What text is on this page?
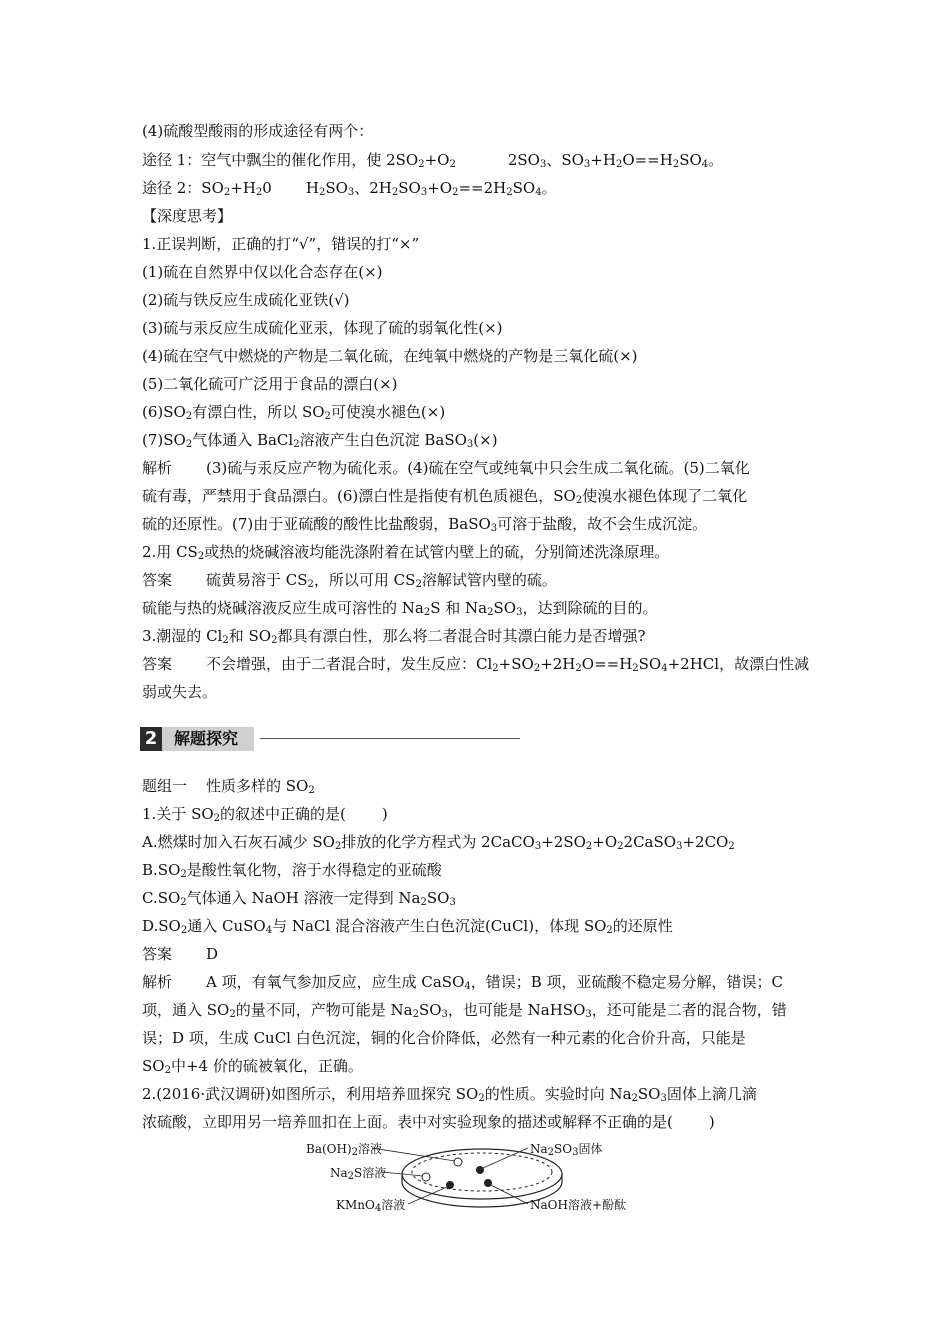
(4)硫酸型酸雨的形成途径有两个：
途径 1：空气中飘尘的催化作用，使 $2SO_2+O_2$	$2SO_3$、$SO_3+H_2O==H_2SO_4$。
途径 2：$SO_2+H_20$ $H_2SO_3$、$2H_2SO_3+O_2==2H_2SO_4$。
【深度思考】
1.正误判断，正确的打“√”，错误的打“×”
(1)硫在自然界中仅以化合态存在(×)
(2)硫与铁反应生成硫化亚铁(√)
(3)硫与汞反应生成硫化亚汞，体现了硫的弱氧化性(×)
(4)硫在空气中燃烧的产物是二氧化硫，在纯氧中燃烧的产物是三氧化硫(×)
(5)二氧化硫可广泛用于食品的漂白(×)
$(6)SO_2$有漂白性，所以 $SO_2$可使溴水褪色(×)
$(7)SO_2$气体通入 BaCl$_2$溶液产生白色沉淀 BaSO$_3$(×)
解析 (3)硫与汞反应产物为硫化汞。(4)硫在空气或纯氧中只会生成二氧化硫。(5)二氧化
硫有毒，严禁用于食品漂白。(6)漂白性是指使有机色质褪色，$SO_2$使溴水褪色体现了二氧化
硫的还原性。(7)由于亚硫酸的酸性比盐酸弱，BaSO$_3$可溶于盐酸，故不会生成沉淀。
2.用 $CS_2$或热的烧碱溶液均能洗涤附着在试管内壁上的硫，分别简述洗涤原理。
答案 硫黄易溶于 $CS_2$，所以可用 $CS_2$溶解试管内壁的硫。
硫能与热的烧碱溶液反应生成可溶性的 $Na_2S$ 和 $Na_2SO_3$，达到除硫的目的。
3.潮湿的 $Cl_2$和 $SO_2$都具有漂白性，那么将二者混合时其漂白能力是否增强?
答案 不会增强，由于二者混合时，发生反应：$Cl_2+SO_2+2H_2O==H_2SO_4+2HCl$，故漂白性减
弱或失去。
2	解题探究
题组一 性质多样的 $SO_2$
1.关于 $SO_2$的叙述中正确的是( )
A.燃煤时加入石灰石减少 $SO_2$排放的化学方程式为 $2CaCO_3+2SO_2+O_22CaSO_3+2CO_2$
$B.SO_2$是酸性氧化物，溶于水得稳定的亚硫酸
$C.SO_2$气体通入 NaOH 溶液一定得到 $Na_2SO_3$
$D.SO_2$通入 CuSO$_4$与 NaCl 混合溶液产生白色沉淀(CuCl)，体现 $SO_2$的还原性
答案 D
解析 A 项，有氧气参加反应，应生成 CaSO$_4$，错误；B 项，亚硫酸不稳定易分解，错误；C
项，通入 $SO_2$的量不同，产物可能是 $Na_2SO_3$，也可能是 NaHSO$_3$，还可能是二者的混合物，错
误；D 项，生成 CuCl 白色沉淀，铜的化合价降低，必然有一种元素的化合价升高，只能是
$SO_2$中+4 价的硫被氧化，正确。
2.(2016·武汉调研)如图所示，利用培养皿探究 $SO_2$的性质。实验时向 $Na_2SO_3$固体上滴几滴
浓硫酸，立即用另一培养皿扣在上面。表中对实验现象的描述或解释不正确的是( )
$Ba(OH)_2$溶液
$Na_2S$溶液
KMnO$_4$溶液
$Na_2SO_3$固体
NaOH溶液+酚酞
